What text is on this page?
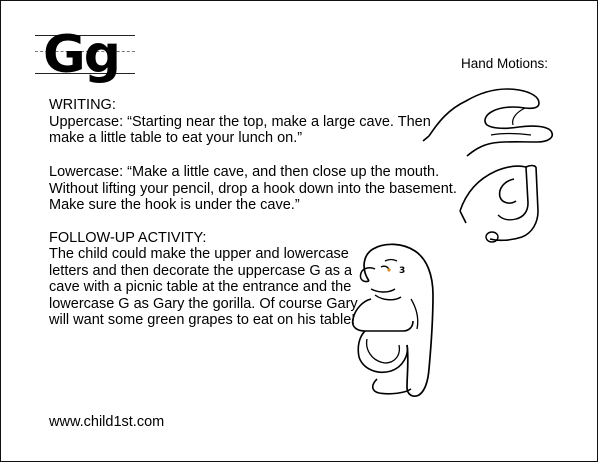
Gg
WRITING:
Uppercase: “Starting near the top, make a large cave. Then
make a little table to eat your lunch on.”
Lowercase: “Make a little cave, and then close up the mouth.
Without lifting your pencil, drop a hook down into the basement.
Make sure the hook is under the cave.”
FOLLOW-UP ACTIVITY:
The child could make the upper and lowercase
letters and then decorate the uppercase G as a
cave with a picnic table at the entrance and the
lowercase G as Gary the gorilla. Of course Gary
will want some green grapes to eat on his table!
Hand Motions:
3
www.child1st.com
